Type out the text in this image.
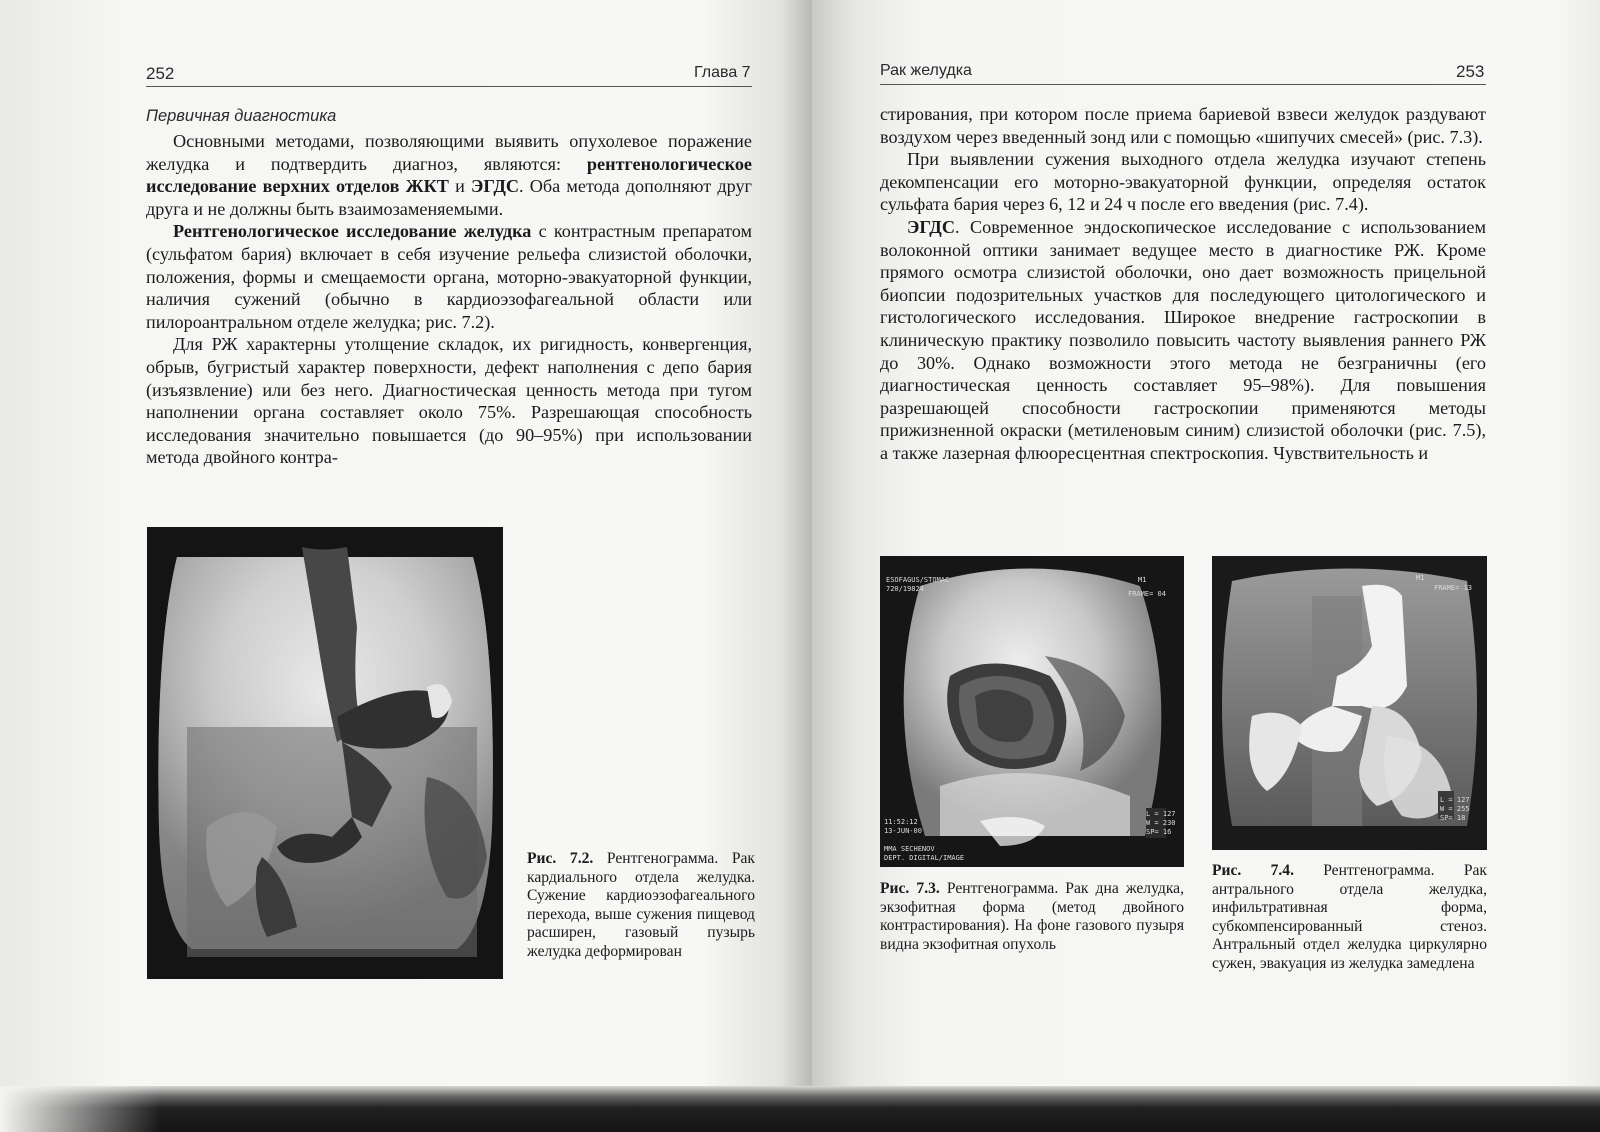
252	Глава 7
Первичная диагностика

Основными методами, позволяющими выявить опухолевое поражение желудка и подтвердить диагноз, являются: рентгенологическое исследование верхних отделов ЖКТ и ЭГДС. Оба метода дополняют друг друга и не должны быть взаимозаменяемыми.

Рентгенологическое исследование желудка с контрастным препаратом (сульфатом бария) включает в себя изучение рельефа слизистой оболочки, положения, формы и смещаемости органа, моторно-эвакуаторной функции, наличия сужений (обычно в кардиоэзофагеальной области или пилороантральном отделе желудка; рис. 7.2).

Для РЖ характерны утолщение складок, их ригидность, конвергенция, обрыв, бугристый характер поверхности, дефект наполнения с депо бария (изъязвление) или без него. Диагностическая ценность метода при тугом наполнении органа составляет около 75%. Разрешающая способность исследования значительно повышается (до 90–95%) при использовании метода двойного контра-

Рис. 7.2. Рентгенограмма. Рак кардиального отдела желудка. Сужение кардиоэзофагеального перехода, выше сужения пищевод расширен, газовый пузырь желудка деформирован
Рак желудка	253

стирования, при котором после приема бариевой взвеси желудок раздувают воздухом через введенный зонд или с помощью «шипучих смесей» (рис. 7.3).

При выявлении сужения выходного отдела желудка изучают степень декомпенсации его моторно-эвакуаторной функции, определяя остаток сульфата бария через 6, 12 и 24 ч после его введения (рис. 7.4).

ЭГДС. Современное эндоскопическое исследование с использованием волоконной оптики занимает ведущее место в диагностике РЖ. Кроме прямого осмотра слизистой оболочки, оно дает возможность прицельной биопсии подозрительных участков для последующего цитологического и гистологического исследования. Широкое внедрение гастроскопии в клиническую практику позволило повысить частоту выявления раннего РЖ до 30%. Однако возможности этого метода не безграничны (его диагностическая ценность составляет 95–98%). Для повышения разрешающей способности гастроскопии применяются методы прижизненной окраски (метиленовым синим) слизистой оболочки (рис. 7.5), а также лазерная флюоресцентная спектроскопия. Чувствительность и

ESOFAGUS/STOMAC
720/19824
M1
FRAME= 04
11:52:12
13-JUN-00

MMA SECHENOV
DEPT. DIGITAL/IMAGE
L = 127
W = 230
SP= 16
Рис. 7.3. Рентгенограмма. Рак дна желудка, экзофитная форма (метод двойного контрастирования). На фоне газового пузыря видна экзофитная опухоль
M1
FRAME= 13
L = 127
W = 255
SP= 18
Рис. 7.4. Рентгенограмма. Рак антрального отдела желудка, инфильтративная форма, субкомпенсированный стеноз. Антральный отдел желудка циркулярно сужен, эвакуация из желудка замедлена
